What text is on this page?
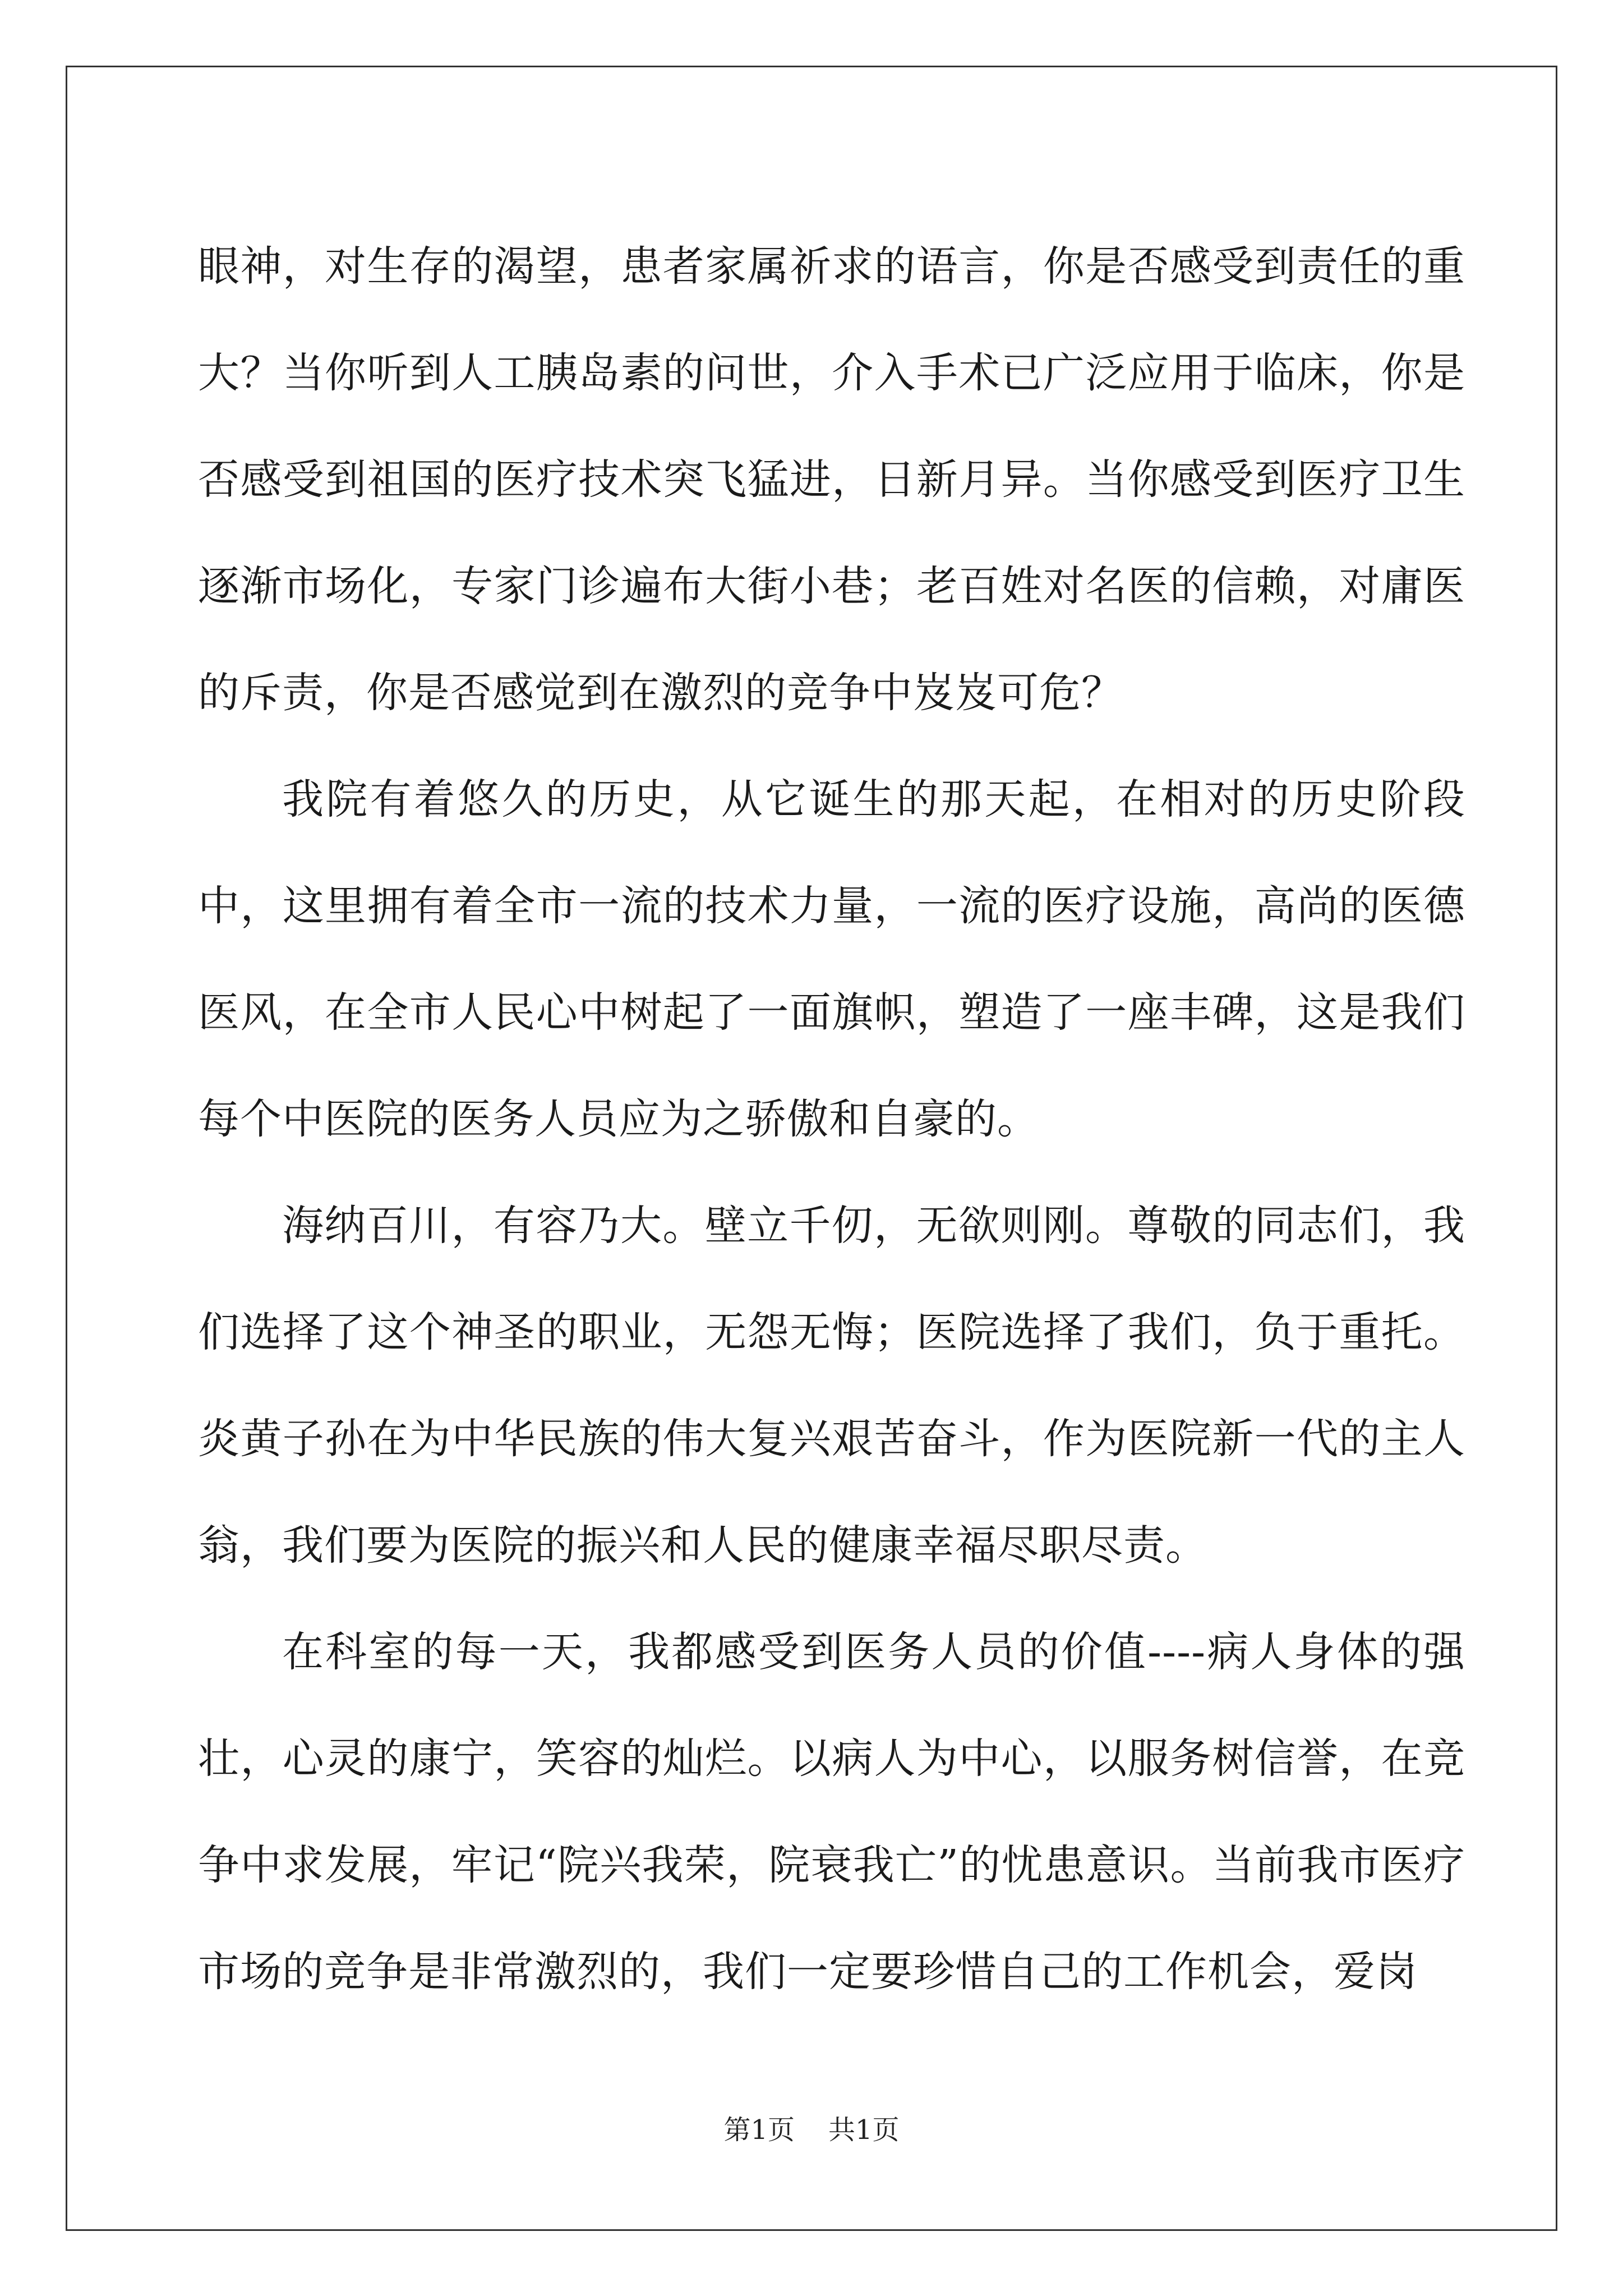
眼神，对生存的渴望，患者家属祈求的语言，你是否感受到责任的重大？当你听到人工胰岛素的问世，介入手术已广泛应用于临床，你是否感受到祖国的医疗技术突飞猛进，日新月异。当你感受到医疗卫生逐渐市场化，专家门诊遍布大街小巷；老百姓对名医的信赖，对庸医的斥责，你是否感觉到在激烈的竞争中岌岌可危？

我院有着悠久的历史，从它诞生的那天起，在相对的历史阶段中，这里拥有着全市一流的技术力量，一流的医疗设施，高尚的医德医风，在全市人民心中树起了一面旗帜，塑造了一座丰碑，这是我们每个中医院的医务人员应为之骄傲和自豪的。

海纳百川，有容乃大。壁立千仞，无欲则刚。尊敬的同志们，我们选择了这个神圣的职业，无怨无悔；医院选择了我们，负于重托。炎黄子孙在为中华民族的伟大复兴艰苦奋斗，作为医院新一代的主人翁，我们要为医院的振兴和人民的健康幸福尽职尽责。

在科室的每一天，我都感受到医务人员的价值----病人身体的强壮，心灵的康宁，笑容的灿烂。以病人为中心，以服务树信誉，在竞争中求发展，牢记“院兴我荣，院衰我亡”的忧患意识。当前我市医疗市场的竞争是非常激烈的，我们一定要珍惜自己的工作机会，爱岗

第1页 共1页
